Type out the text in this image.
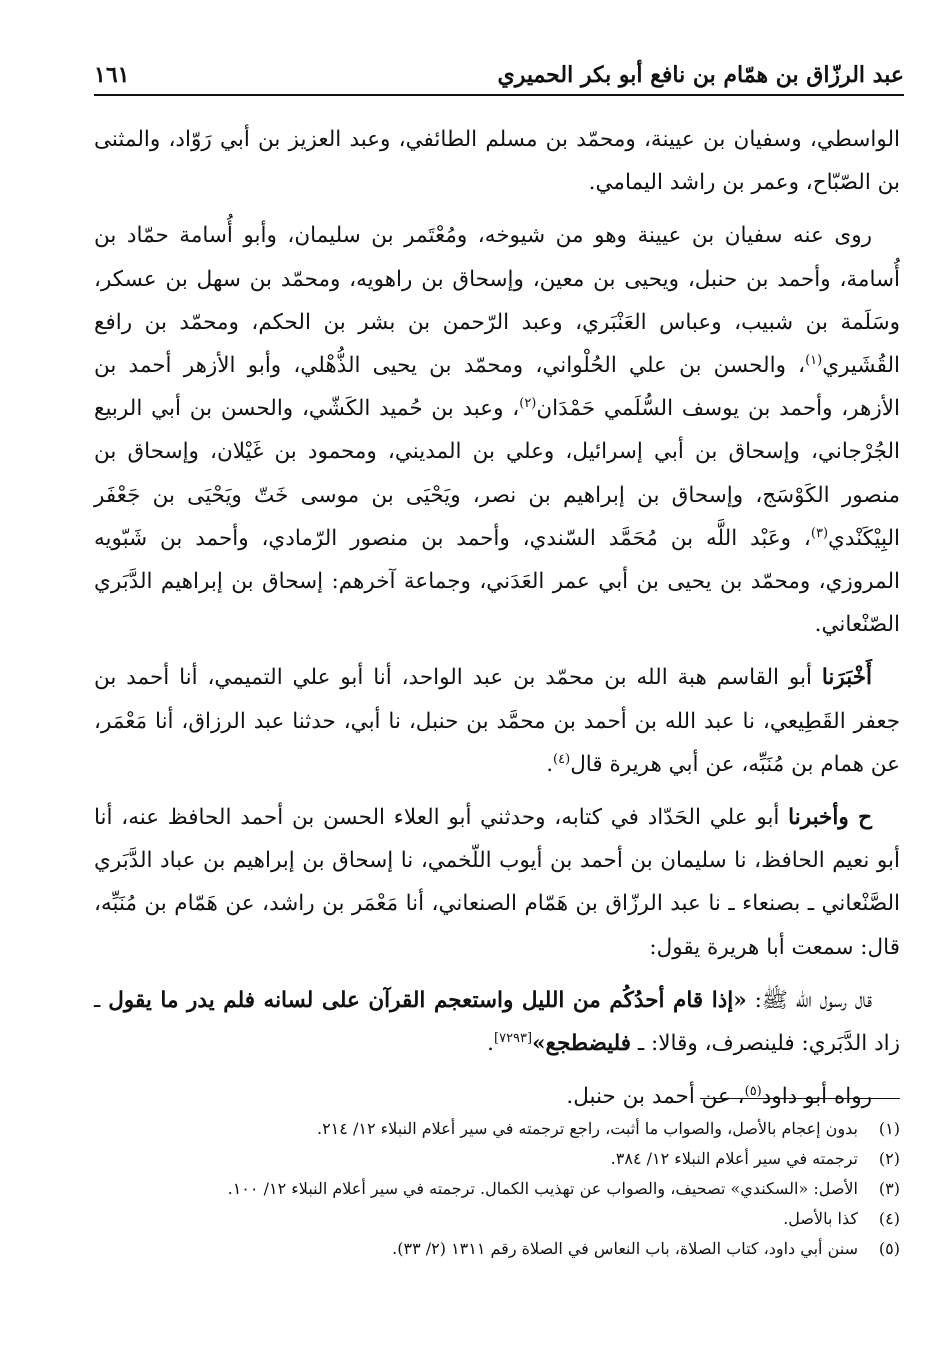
١٦١	عبد الرزّاق بن همّام بن نافع أبو بكر الحميري

الواسطي، وسفيان بن عيينة، ومحمّد بن مسلم الطائفي، وعبد العزيز بن أبي رَوّاد، والمثنى بن الصّبّاح، وعمر بن راشد اليمامي.

روى عنه سفيان بن عيينة وهو من شيوخه، ومُعْتَمر بن سليمان، وأبو أُسامة حمّاد بن أُسامة، وأحمد بن حنبل، ويحيى بن معين، وإسحاق بن راهويه، ومحمّد بن سهل بن عسكر، وسَلَمة بن شبيب، وعباس العَنْبَري، وعبد الرّحمن بن بشر بن الحكم، ومحمّد بن رافع القُشَيري$^{(١)}$، والحسن بن علي الحُلْواني، ومحمّد بن يحيى الذُّهْلي، وأبو الأزهر أحمد بن الأزهر، وأحمد بن يوسف السُّلَمي حَمْدَان$^{(٢)}$، وعبد بن حُميد الكَشّي، والحسن بن أبي الربيع الجُرْجاني، وإسحاق بن أبي إسرائيل، وعلي بن المديني، ومحمود بن غَيْلان، وإسحاق بن منصور الكَوْسَج، وإسحاق بن إبراهيم بن نصر، ويَحْيَى بن موسى خَتّ ويَحْيَى بن جَعْفَر البِيْكَنْدي$^{(٣)}$، وعَبْد اللَّه بن مُحَمَّد السّندي، وأحمد بن منصور الرّمادي، وأحمد بن شَبّويه المروزي، ومحمّد بن يحيى بن أبي عمر العَدَني، وجماعة آخرهم: إسحاق بن إبراهيم الدَّبَري الصّنْعاني.

أَخْبَرَنا أبو القاسم هبة الله بن محمّد بن عبد الواحد، أنا أبو علي التميمي، أنا أحمد بن جعفر القَطِيعي، نا عبد الله بن أحمد بن محمَّد بن حنبل، نا أبي، حدثنا عبد الرزاق، أنا مَعْمَر، عن همام بن مُنَبِّه، عن أبي هريرة قال$^{(٤)}$.

ح وأخبرنا أبو علي الحَدّاد في كتابه، وحدثني أبو العلاء الحسن بن أحمد الحافظ عنه، أنا أبو نعيم الحافظ، نا سليمان بن أحمد بن أيوب اللّخمي، نا إسحاق بن إبراهيم بن عباد الدَّبَري الصَّنْعاني ـ بصنعاء ـ نا عبد الرزّاق بن هَمّام الصنعاني، أنا مَعْمَر بن راشد، عن هَمّام بن مُنَبِّه، قال: سمعت أبا هريرة يقول:

قال رسول الله ﷺ: «إذا قام أحدُكُم من الليل واستعجم القرآن على لسانه فلم يدر ما يقول ـ زاد الدَّبَري: فلينصرف، وقالا: ـ فليضطجع»[٧٢٩٣].

رواه أبو داود$^{(٥)}$، عن أحمد بن حنبل.

(١)
بدون إعجام بالأصل، والصواب ما أثبت، راجع ترجمته في سير أعلام النبلاء ١٢/ ٢١٤.
(٢)
ترجمته في سير أعلام النبلاء ١٢/ ٣٨٤.
(٣)
الأصل: «السكندي» تصحيف، والصواب عن تهذيب الكمال. ترجمته في سير أعلام النبلاء ١٢/ ١٠٠.
(٤)
كذا بالأصل.
(٥)
سنن أبي داود، كتاب الصلاة، باب النعاس في الصلاة رقم ١٣١١ (٢/ ٣٣).
